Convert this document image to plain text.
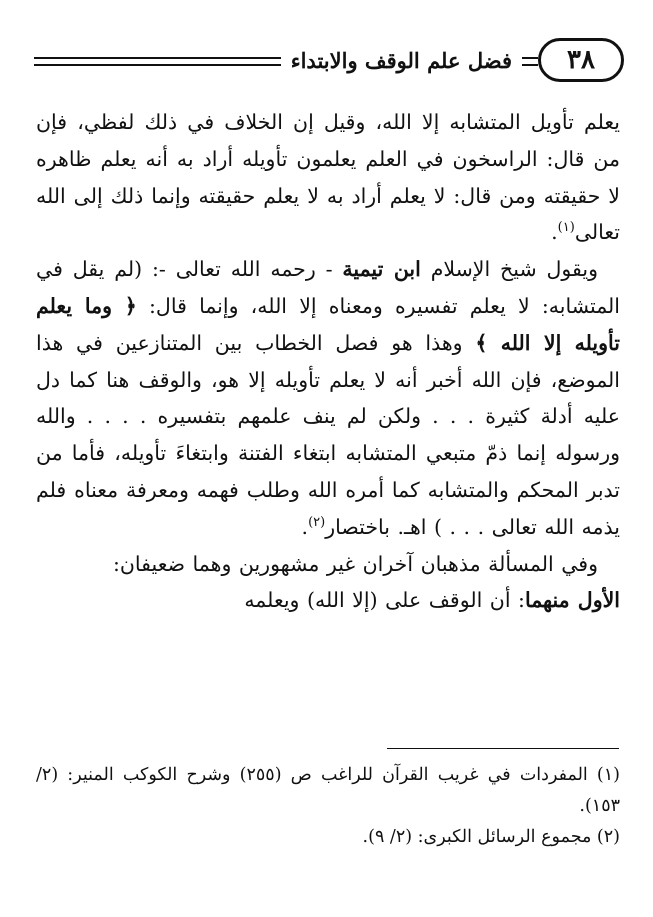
فضل علم الوقف والابتداء	٣٨

يعلم تأويل المتشابه إلا الله، وقيل إن الخلاف في ذلك لفظي، فإن من قال: الراسخون في العلم يعلمون تأويله أراد به أنه يعلم ظاهره لا حقيقته ومن قال: لا يعلم أراد به لا يعلم حقيقته وإنما ذلك إلى الله تعالى$^{(١)}$.

ويقول شيخ الإسلام ابن تيمية - رحمه الله تعالى -: (لم يقل في المتشابه: لا يعلم تفسيره ومعناه إلا الله، وإنما قال: ﴿ وما يعلم تأويله إلا الله ﴾ وهذا هو فصل الخطاب بين المتنازعين في هذا الموضع، فإن الله أخبر أنه لا يعلم تأويله إلا هو، والوقف هنا كما دل عليه أدلة كثيرة . . . ولكن لم ينف علمهم بتفسيره . . . . والله ورسوله إنما ذمّ متبعي المتشابه ابتغاء الفتنة وابتغاءَ تأويله، فأما من تدبر المحكم والمتشابه كما أمره الله وطلب فهمه ومعرفة معناه فلم يذمه الله تعالى . . . ) اهـ. باختصار$^{(٢)}$.

وفي المسألة مذهبان آخران غير مشهورين وهما ضعيفان:

الأول منهما: أن الوقف على (إلا الله) ويعلمه

(١) المفردات في غريب القرآن للراغب ص (٢٥٥) وشرح الكوكب المنير: (٢/ ١٥٣).

(٢) مجموع الرسائل الكبرى: (٢/ ٩).
